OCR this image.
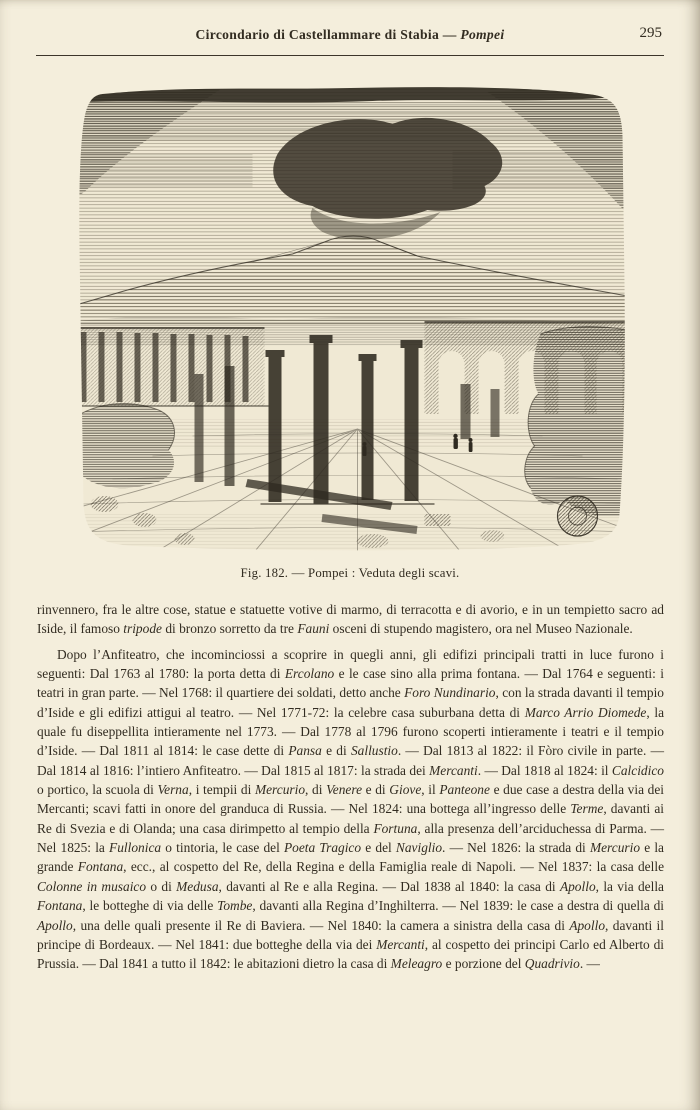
Circondario di Castellammare di Stabia — Pompei	295
Fig. 182. — Pompei : Veduta degli scavi.

rinvennero, fra le altre cose, statue e statuette votive di marmo, di terracotta e di avorio, e in un tempietto sacro ad Iside, il famoso tripode di bronzo sorretto da tre Fauni osceni di stupendo magistero, ora nel Museo Nazionale.

Dopo l’Anfiteatro, che incominciossi a scoprire in quegli anni, gli edifizi principali tratti in luce furono i seguenti: Dal 1763 al 1780: la porta detta di Ercolano e le case sino alla prima fontana. — Dal 1764 e seguenti: i teatri in gran parte. — Nel 1768: il quartiere dei soldati, detto anche Foro Nundinario, con la strada davanti il tempio d’Iside e gli edifizi attigui al teatro. — Nel 1771-72: la celebre casa suburbana detta di Marco Arrio Diomede, la quale fu diseppellita intieramente nel 1773. — Dal 1778 al 1796 furono scoperti intieramente i teatri e il tempio d’Iside. — Dal 1811 al 1814: le case dette di Pansa e di Sallustio. — Dal 1813 al 1822: il Fòro civile in parte. — Dal 1814 al 1816: l’intiero Anfiteatro. — Dal 1815 al 1817: la strada dei Mercanti. — Dal 1818 al 1824: il Calcidico o portico, la scuola di Verna, i tempii di Mercurio, di Venere e di Giove, il Panteone e due case a destra della via dei Mercanti; scavi fatti in onore del granduca di Russia. — Nel 1824: una bottega all’ingresso delle Terme, davanti ai Re di Svezia e di Olanda; una casa dirimpetto al tempio della Fortuna, alla presenza dell’arciduchessa di Parma. — Nel 1825: la Fullonica o tintoria, le case del Poeta Tragico e del Naviglio. — Nel 1826: la strada di Mercurio e la grande Fontana, ecc., al cospetto del Re, della Regina e della Famiglia reale di Napoli. — Nel 1837: la casa delle Colonne in musaico o di Medusa, davanti al Re e alla Regina. — Dal 1838 al 1840: la casa di Apollo, la via della Fontana, le botteghe di via delle Tombe, davanti alla Regina d’Inghilterra. — Nel 1839: le case a destra di quella di Apollo, una delle quali presente il Re di Baviera. — Nel 1840: la camera a sinistra della casa di Apollo, davanti il principe di Bordeaux. — Nel 1841: due botteghe della via dei Mercanti, al cospetto dei principi Carlo ed Alberto di Prussia. — Dal 1841 a tutto il 1842: le abitazioni dietro la casa di Meleagro e porzione del Quadrivio. —
